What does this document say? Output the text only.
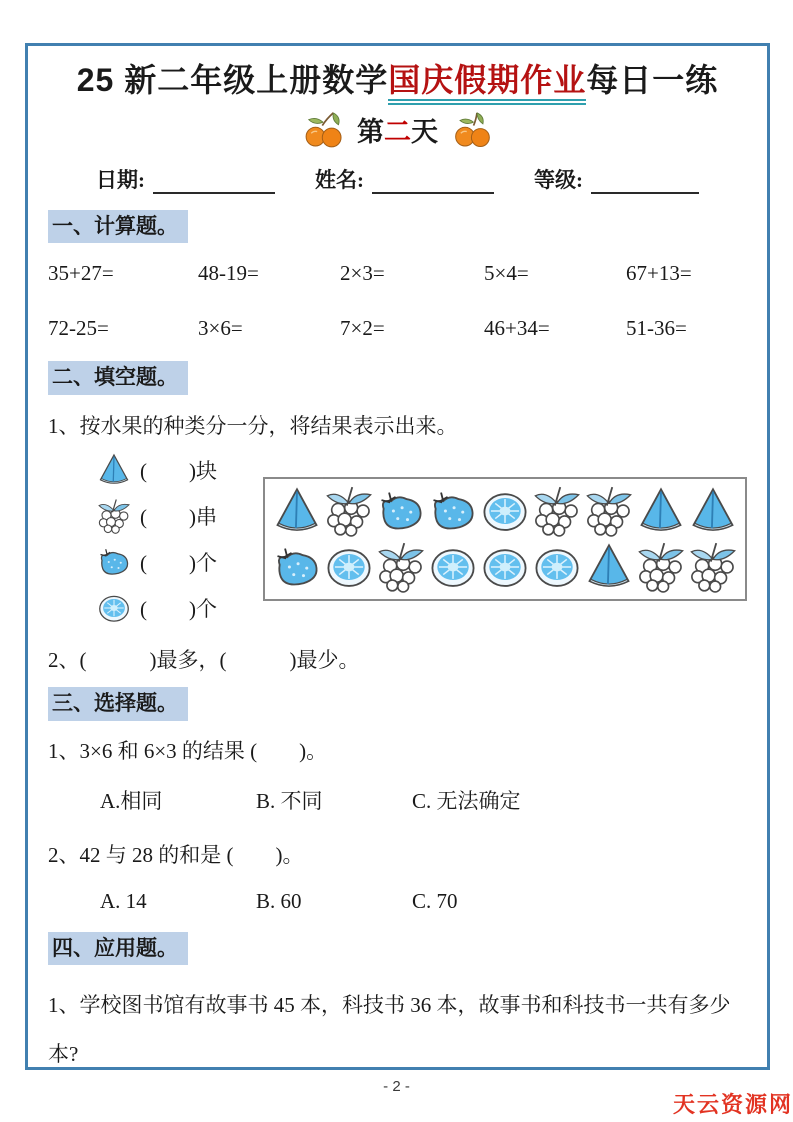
25 新二年级上册数学国庆假期作业每日一练
第二天
日期:	姓名:	等级:
一、计算题。
35+27=	48-19=	2×3=	5×4=	67+13=
72-25=	3×6=	7×2=	46+34=	51-36=
二、填空题。
1、按水果的种类分一分，将结果表示出来。
(        )块
(        )串
(        )个
(        )个
2、(            )最多，(            )最少。
三、选择题。
1、3×6 和 6×3 的结果 (        )。
A.相同	B. 不同	C. 无法确定
2、42 与 28 的和是 (        )。
A. 14	B. 60	C. 70
四、应用题。
1、学校图书馆有故事书 45 本，科技书 36 本，故事书和科技书一共有多少本?
- 2 -
天云资源网
